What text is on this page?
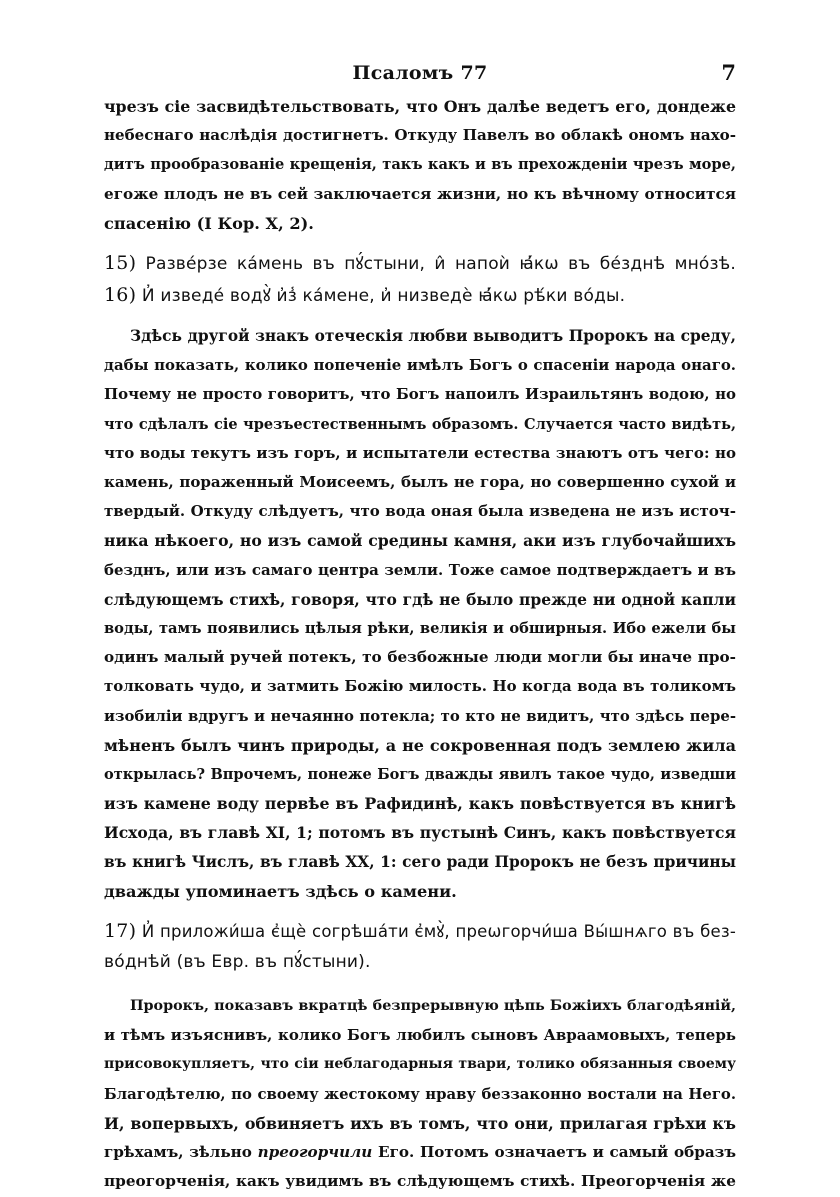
Псаломъ 77	7

чрезъ сіе засвидѣтельствовать, что Онъ далѣе ведетъ его, дондеже
небеснаго наслѣдія достигнетъ. Откуду Павелъ во облакѣ ономъ нахо-
дитъ прообразованіе крещенія, такъ какъ и въ прехожденіи чрезъ море,
егоже плодъ не въ сей заключается жизни, но къ вѣчному относится
спасенію (I Кор. X, 2).

15) Разве́рзе ка́мень въ пꙋ́стыни, и̂ напоѝ ꙗ҆́кѡ въ бе́зднѣ мно́зѣ.

16) И҆ изведе́ водꙋ̀ и҆з̾ ка́мене, и҆ низведѐ ꙗ҆́кѡ рѣ́ки во́ды.

Здѣсь другой знакъ отеческія любви выводитъ Пророкъ на среду,
дабы показать, колико попеченіе имѣлъ Богъ о спасеніи народа онаго.
Почему не просто говоритъ, что Богъ напоилъ Израильтянъ водою, но
что сдѣлалъ сіе чрезъестественнымъ образомъ. Случается часто видѣть,
что воды текутъ изъ горъ, и испытатели естества знаютъ отъ чего: но
камень, пораженный Моисеемъ, былъ не гора, но совершенно сухой и
твердый. Откуду слѣдуетъ, что вода оная была изведена не изъ источ-
ника нѣкоего, но изъ самой средины камня, аки изъ глубочайшихъ
безднъ, или изъ самаго центра земли. Тоже самое подтверждаетъ и въ
слѣдующемъ стихѣ, говоря, что гдѣ не было прежде ни одной капли
воды, тамъ появились цѣлыя рѣки, великія и обширныя. Ибо ежели бы
одинъ малый ручей потекъ, то безбожные люди могли бы иначе про-
толковать чудо, и затмить Божію милость. Но когда вода въ толикомъ
изобиліи вдругъ и нечаянно потекла; то кто не видитъ, что здѣсь пере-
мѣненъ былъ чинъ природы, а не сокровенная подъ землею жила
открылась? Впрочемъ, понеже Богъ дважды явилъ такое чудо, изведши
изъ камене воду первѣе въ Рафидинѣ, какъ повѣствуется въ книгѣ
Исхода, въ главѣ XI, 1; потомъ въ пустынѣ Синъ, какъ повѣствуется
въ книгѣ Числъ, въ главѣ XX, 1: сего ради Пророкъ не безъ причины
дважды упоминаетъ здѣсь о камени.

17) И҆ приложи́ша є҆щѐ согрѣша́ти є҆мꙋ̀, преѡгорчи́ша Вы́шнѧго въ без-
во́днѣй (въ Евр. въ пꙋ́стыни).

Пророкъ, показавъ вкратцѣ безпрерывную цѣпь Божіихъ благодѣяній,
и тѣмъ изъяснивъ, колико Богъ любилъ сыновъ Авраамовыхъ, теперь
присовокупляетъ, что сіи неблагодарныя твари, толико обязанныя своему
Благодѣтелю, по своему жестокому нраву беззаконно востали на Него.
И, вопервыхъ, обвиняетъ ихъ въ томъ, что они, прилагая грѣхи къ
грѣхамъ, зѣльно преогорчили Его. Потомъ означаетъ и самый образъ
преогорченія, какъ увидимъ въ слѣдующемъ стихѣ. Преогорченія же
